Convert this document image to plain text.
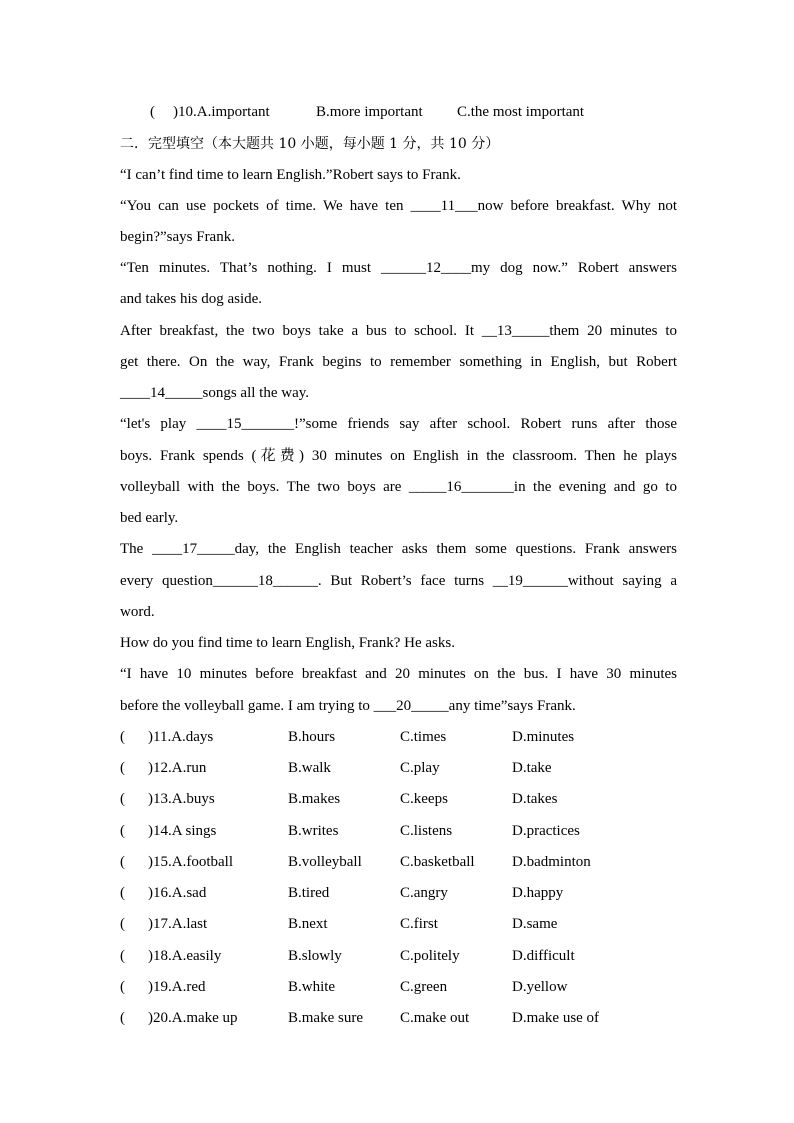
( )10.A.important	B.more important C.the most important
二．完型填空（本大题共 10 小题，每小题 1 分，共 10 分）
“I can’t find time to learn English.”Robert says to Frank.
“You can use pockets of time. We have ten ____11___now before breakfast. Why not
begin?”says Frank.
“Ten minutes. That’s nothing. I must ______12____my dog now.” Robert answers
and takes his dog aside.
After breakfast, the two boys take a bus to school. It __13_____them 20 minutes to
get there. On the way, Frank begins to remember something in English, but Robert
____14_____songs all the way.
“let's play ____15_______!”some friends say after school. Robert runs after those
boys. Frank spends (花费) 30 minutes on English in the classroom. Then he plays
volleyball with the boys. The two boys are _____16_______in the evening and go to
bed early.
The ____17_____day, the English teacher asks them some questions. Frank answers
every question______18______. But Robert’s face turns __19______without saying a
word.
How do you find time to learn English, Frank? He asks.
“I have 10 minutes before breakfast and 20 minutes on the bus. I have 30 minutes
before the volleyball game. I am trying to ___20_____any time”says Frank.
( )11.A.days	B.hours	C.times	D.minutes
( )12.A.run	B.walk	C.play	D.take
( )13.A.buys	B.makes	C.keeps	D.takes
( )14.A sings	B.writes	C.listens	D.practices
( )15.A.football	B.volleyball	C.basketball D.badminton
( )16.A.sad	B.tired	C.angry	D.happy
( )17.A.last	B.next	C.first	D.same
( )18.A.easily	B.slowly	C.politely	D.difficult
( )19.A.red	B.white	C.green	D.yellow
( )20.A.make up	B.make sure C.make out	D.make use of
